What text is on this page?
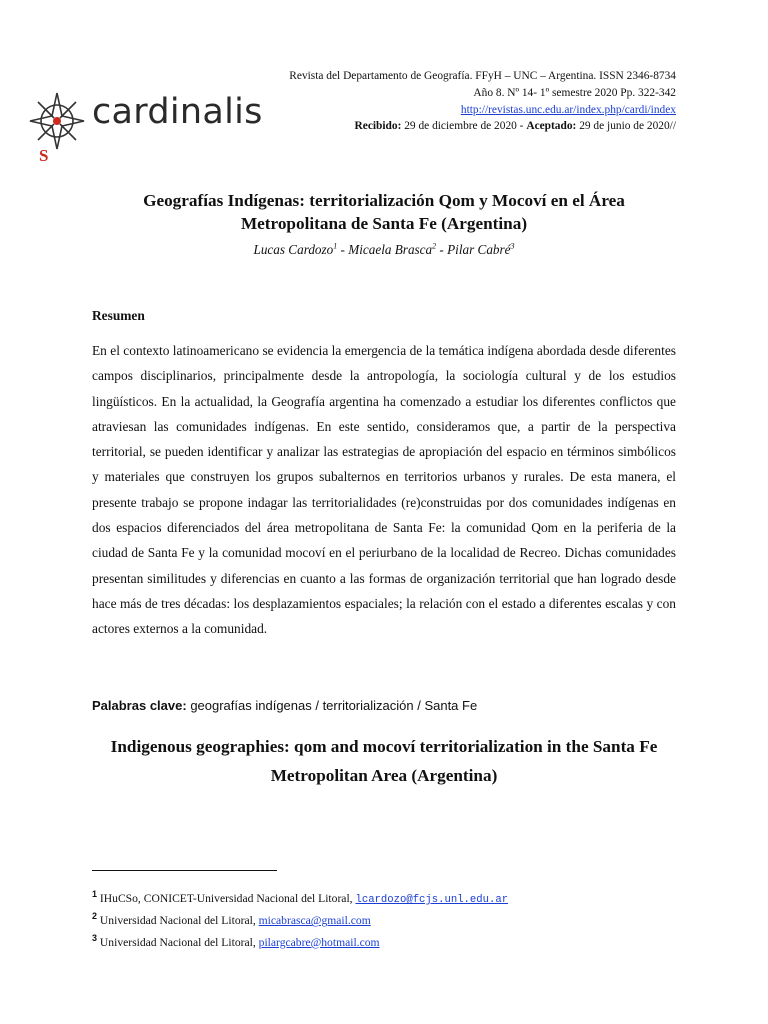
cardinalis
S
Revista del Departamento de Geografía. FFyH – UNC – Argentina. ISSN 2346-8734
Año 8. Nº 14- 1º semestre 2020 Pp. 322-342
http://revistas.unc.edu.ar/index.php/cardi/index
Recibido: 29 de diciembre de 2020 - Aceptado: 29 de junio de 2020//
Geografías Indígenas: territorialización Qom y Mocoví en el Área
Metropolitana de Santa Fe (Argentina)
Lucas Cardozo$^1$ - Micaela Brasca$^2$ - Pilar Cabré$^3$
Resumen

En el contexto latinoamericano se evidencia la emergencia de la temática indígena abordada desde diferentes campos disciplinarios, principalmente desde la antropología, la sociología cultural y de los estudios lingüísticos. En la actualidad, la Geografía argentina ha comenzado a estudiar los diferentes conflictos que atraviesan las comunidades indígenas. En este sentido, consideramos que, a partir de la perspectiva territorial, se pueden identificar y analizar las estrategias de apropiación del espacio en términos simbólicos y materiales que construyen los grupos subalternos en territorios urbanos y rurales. De esta manera, el presente trabajo se propone indagar las territorialidades (re)construidas por dos comunidades indígenas en dos espacios diferenciados del área metropolitana de Santa Fe: la comunidad Qom en la periferia de la ciudad de Santa Fe y la comunidad mocoví en el periurbano de la localidad de Recreo. Dichas comunidades presentan similitudes y diferencias en cuanto a las formas de organización territorial que han logrado desde hace más de tres décadas: los desplazamientos espaciales; la relación con el estado a diferentes escalas y con actores externos a la comunidad.

Palabras clave: geografías indígenas / territorialización / Santa Fe
Indigenous geographies: qom and mocoví territorialization in the Santa Fe
Metropolitan Area (Argentina)
$^1$ IHuCSo, CONICET-Universidad Nacional del Litoral, lcardozo@fcjs.unl.edu.ar
$^2$ Universidad Nacional del Litoral, micabrasca@gmail.com
$^3$ Universidad Nacional del Litoral, pilargcabre@hotmail.com
